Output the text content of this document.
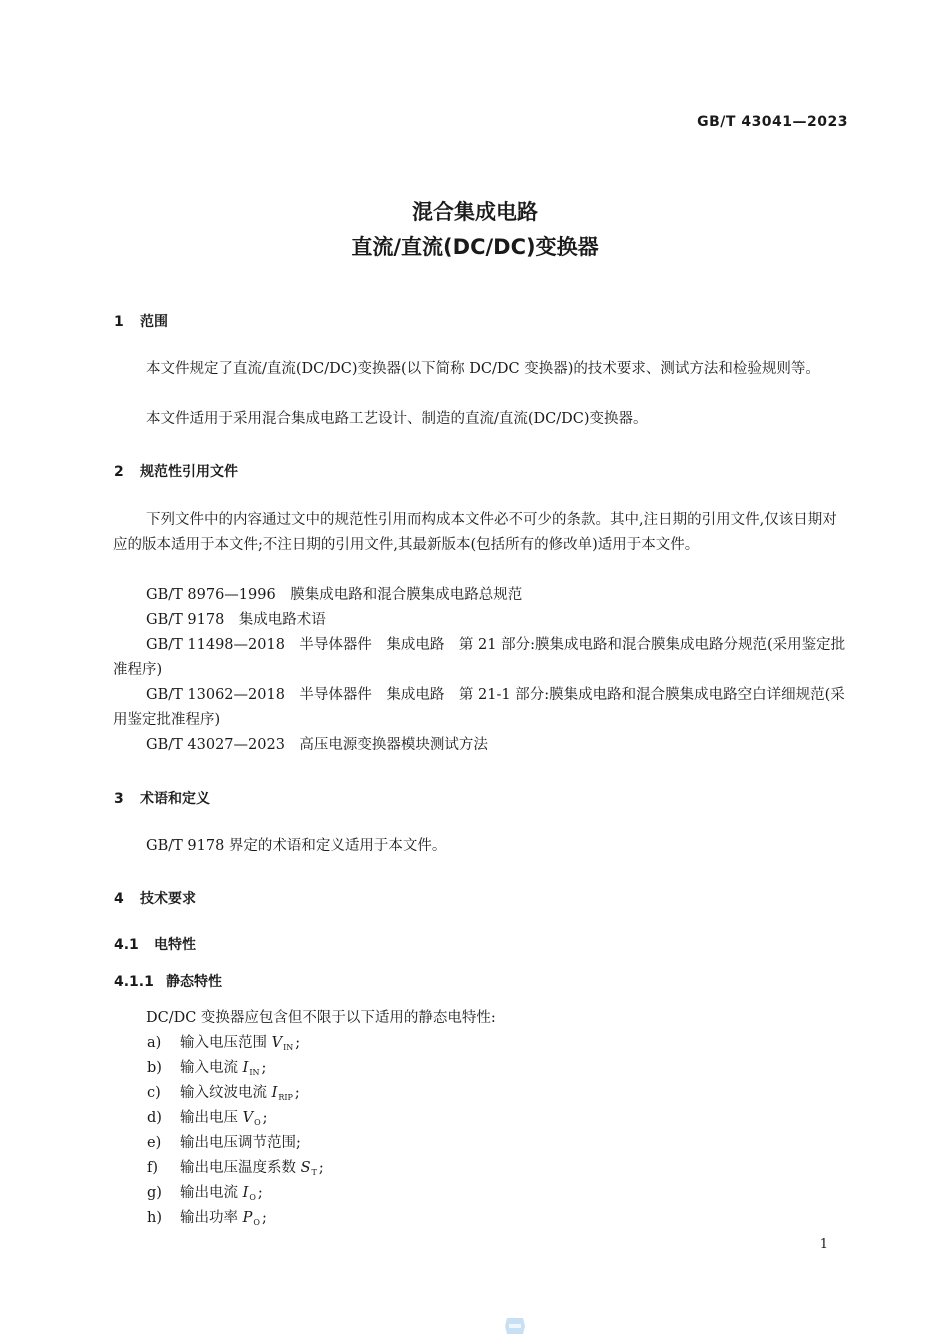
GB/T 43041—2023
混合集成电路
直流/直流(DC/DC)变换器
1 范围
本文件规定了直流/直流(DC/DC)变换器(以下简称 DC/DC 变换器)的技术要求、测试方法和检验规则等。
本文件适用于采用混合集成电路工艺设计、制造的直流/直流(DC/DC)变换器。
2 规范性引用文件
下列文件中的内容通过文中的规范性引用而构成本文件必不可少的条款。其中,注日期的引用文件,仅该日期对应的版本适用于本文件;不注日期的引用文件,其最新版本(包括所有的修改单)适用于本文件。
GB/T 8976—1996　膜集成电路和混合膜集成电路总规范
GB/T 9178　集成电路术语
GB/T 11498—2018　半导体器件　集成电路　第 21 部分:膜集成电路和混合膜集成电路分规范(采用鉴定批准程序)
GB/T 13062—2018　半导体器件　集成电路　第 21-1 部分:膜集成电路和混合膜集成电路空白详细规范(采用鉴定批准程序)
GB/T 43027—2023　高压电源变换器模块测试方法
3 术语和定义
GB/T 9178 界定的术语和定义适用于本文件。
4 技术要求
4.1 电特性
4.1.1 静态特性
DC/DC 变换器应包含但不限于以下适用的静态电特性:
a) 输入电压范围 $V_{IN}$ ;
b) 输入电流 $I_{IN}$ ;
c) 输入纹波电流 $I_{RIP}$ ;
d) 输出电压 $V_O$ ;
e) 输出电压调节范围;
f) 输出电压温度系数 $S_T$ ;
g) 输出电流 $I_O$ ;
h) 输出功率 $P_O$ ;
1
